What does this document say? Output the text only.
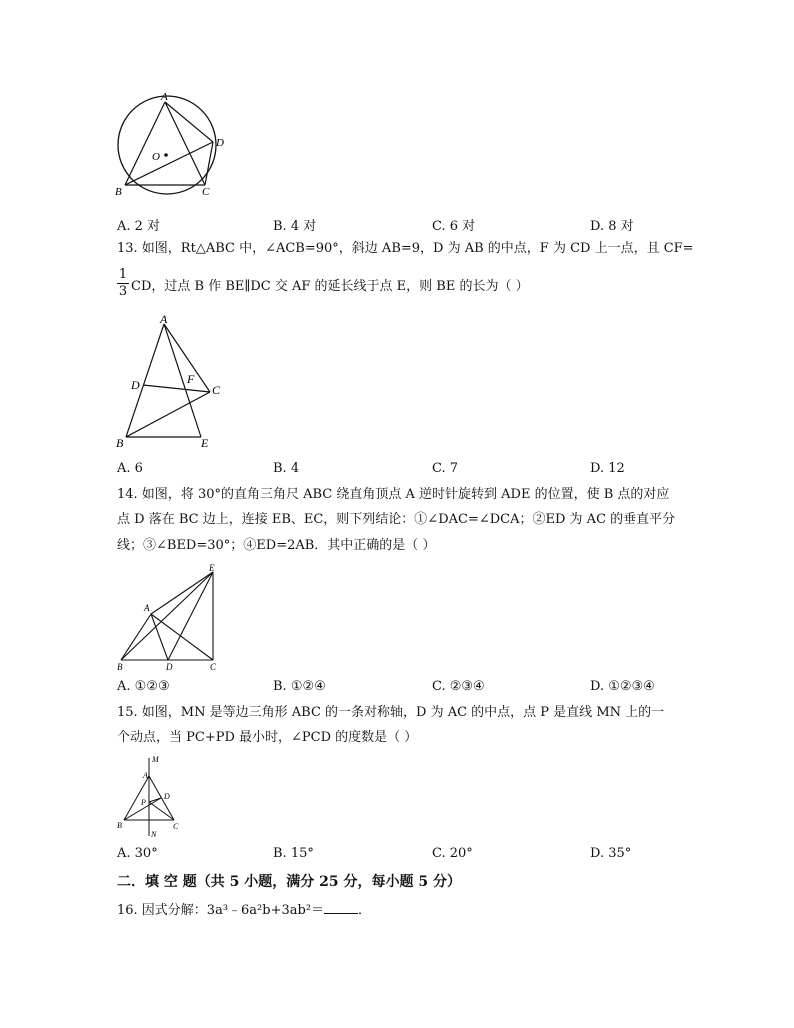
A
D
O
B	C
A. 2 对	B. 4 对	C. 6 对	D. 8 对
13. 如图，Rt△ABC 中，∠ACB=90°，斜边 AB=9，D 为 AB 的中点，F 为 CD 上一点，且 CF=
1
3 CD，过点 B 作 BE∥DC 交 AF 的延长线于点 E，则 BE 的长为（ ）
A
D	F
C
B	E
A. 6	B. 4	C. 7	D. 12
14. 如图，将 30°的直角三角尺 ABC 绕直角顶点 A 逆时针旋转到 ADE 的位置，使 B 点的对应
点 D 落在 BC 边上，连接 EB、EC，则下列结论：①∠DAC=∠DCA；②ED 为 AC 的垂直平分
线；③∠BED=30°；④ED=2AB．其中正确的是（ ）
E
A
B	D	C
A. ①②③	B. ①②④	C. ②③④	D. ①②③④
15. 如图，MN 是等边三角形 ABC 的一条对称轴，D 为 AC 的中点，点 P 是直线 MN 上的一
个动点，当 PC+PD 最小时，∠PCD 的度数是（ ）
M
A
D
P
B	C
N
A. 30°	B. 15°	C. 20°	D. 35°
二．填 空 题（共 5 小题，满分 25 分，每小题 5 分）
16. 因式分解：3a³﹣6a²b+3ab²＝	．
